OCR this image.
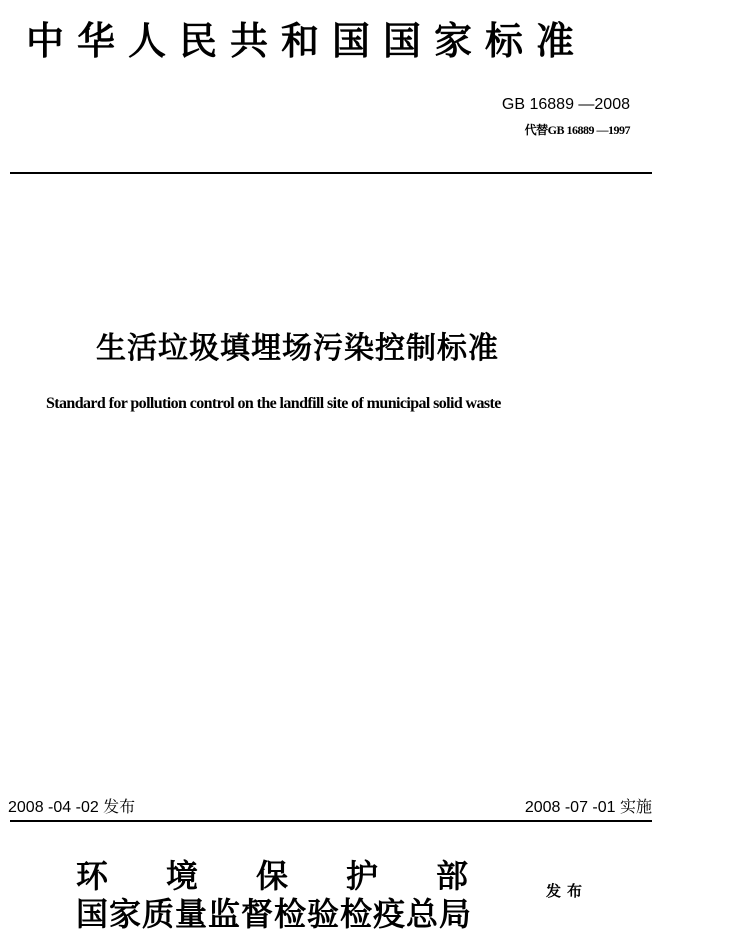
中华人民共和国国家标准
GB 16889 —2008
代替GB 16889 —1997
生活垃圾填埋场污染控制标准
Standard for pollution control on the landfill site of municipal solid waste
2008 -04 -02 发布	2008 -07 -01 实施
环境保护部
国家质量监督检验检疫总局
发布
